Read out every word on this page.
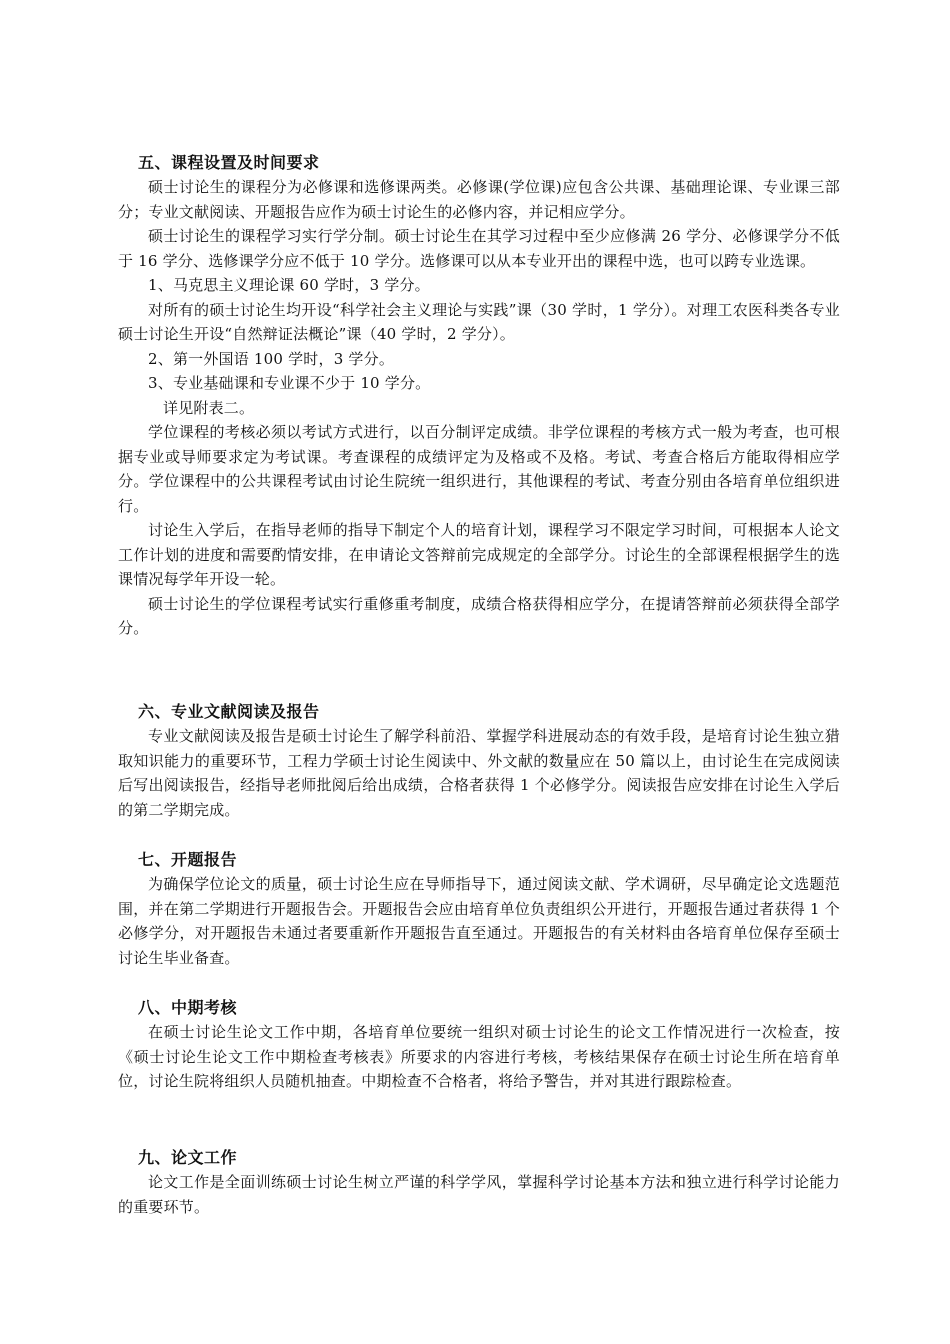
五、课程设置及时间要求

硕士讨论生的课程分为必修课和选修课两类。必修课(学位课)应包含公共课、基础理论课、专业课三部分；专业文献阅读、开题报告应作为硕士讨论生的必修内容，并记相应学分。

硕士讨论生的课程学习实行学分制。硕士讨论生在其学习过程中至少应修满 26 学分、必修课学分不低于 16 学分、选修课学分应不低于 10 学分。选修课可以从本专业开出的课程中选，也可以跨专业选课。

1、马克思主义理论课 60 学时，3 学分。

对所有的硕士讨论生均开设“科学社会主义理论与实践”课（30 学时，1 学分）。对理工农医科类各专业硕士讨论生开设“自然辩证法概论”课（40 学时，2 学分）。

2、第一外国语 100 学时，3 学分。

3、专业基础课和专业课不少于 10 学分。

详见附表二。

学位课程的考核必须以考试方式进行，以百分制评定成绩。非学位课程的考核方式一般为考查，也可根据专业或导师要求定为考试课。考查课程的成绩评定为及格或不及格。考试、考查合格后方能取得相应学分。学位课程中的公共课程考试由讨论生院统一组织进行，其他课程的考试、考查分别由各培育单位组织进行。

讨论生入学后，在指导老师的指导下制定个人的培育计划，课程学习不限定学习时间，可根据本人论文工作计划的进度和需要酌情安排，在申请论文答辩前完成规定的全部学分。讨论生的全部课程根据学生的选课情况每学年开设一轮。

硕士讨论生的学位课程考试实行重修重考制度，成绩合格获得相应学分，在提请答辩前必须获得全部学分。

六、专业文献阅读及报告

专业文献阅读及报告是硕士讨论生了解学科前沿、掌握学科进展动态的有效手段，是培育讨论生独立猎取知识能力的重要环节，工程力学硕士讨论生阅读中、外文献的数量应在 50 篇以上，由讨论生在完成阅读后写出阅读报告，经指导老师批阅后给出成绩，合格者获得 1 个必修学分。阅读报告应安排在讨论生入学后的第二学期完成。

七、开题报告

为确保学位论文的质量，硕士讨论生应在导师指导下，通过阅读文献、学术调研，尽早确定论文选题范围，并在第二学期进行开题报告会。开题报告会应由培育单位负责组织公开进行，开题报告通过者获得 1 个必修学分，对开题报告未通过者要重新作开题报告直至通过。开题报告的有关材料由各培育单位保存至硕士讨论生毕业备查。

八、中期考核

在硕士讨论生论文工作中期，各培育单位要统一组织对硕士讨论生的论文工作情况进行一次检查，按《硕士讨论生论文工作中期检查考核表》所要求的内容进行考核，考核结果保存在硕士讨论生所在培育单位，讨论生院将组织人员随机抽查。中期检查不合格者，将给予警告，并对其进行跟踪检查。

九、论文工作

论文工作是全面训练硕士讨论生树立严谨的科学学风，掌握科学讨论基本方法和独立进行科学讨论能力的重要环节。
